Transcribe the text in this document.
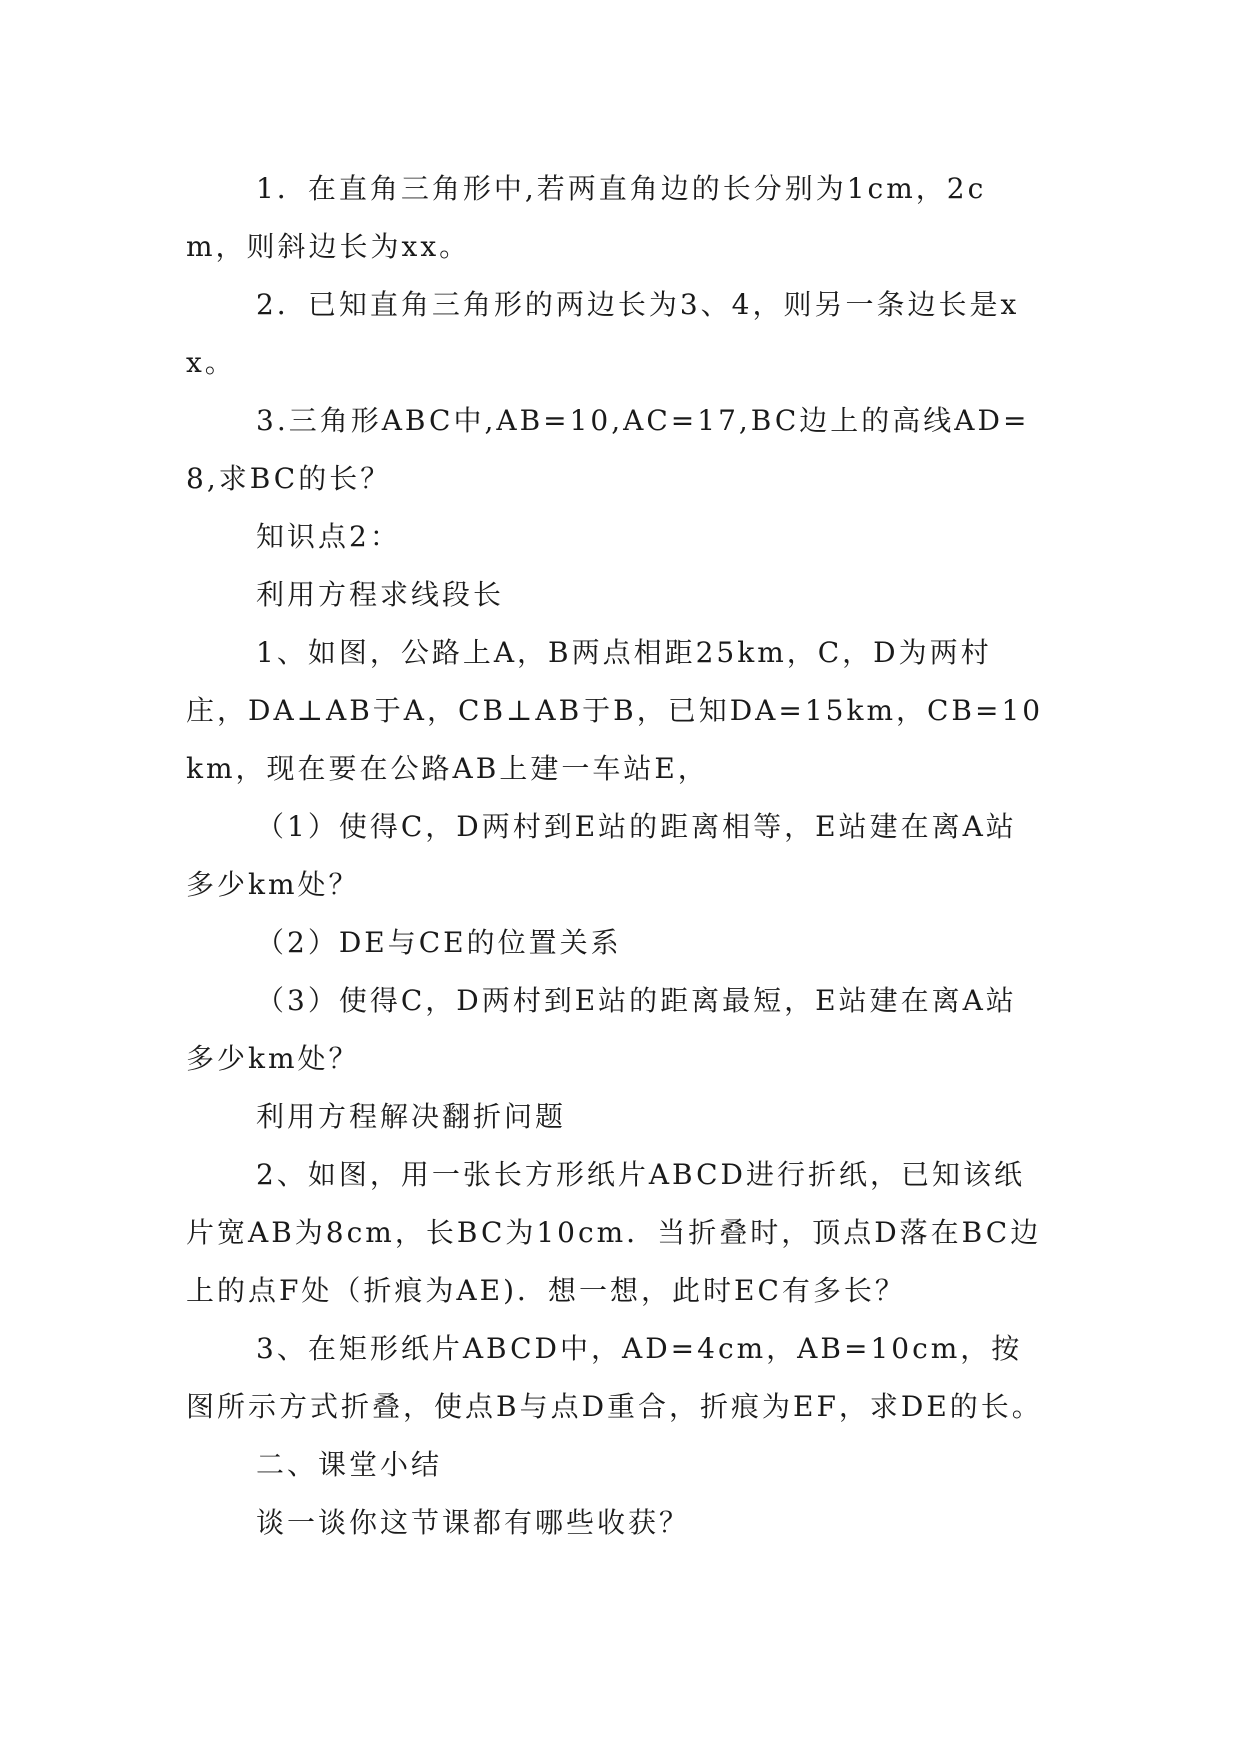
1．在直角三角形中,若两直角边的长分别为1cm，2cm，则斜边长为xx。

2．已知直角三角形的两边长为3、4，则另一条边长是xx。

3.三角形ABC中,AB=10,AC=17,BC边上的高线AD=8,求BC的长？

知识点2：

利用方程求线段长

1、如图，公路上A，B两点相距25km，C，D为两村庄，DA⊥AB于A，CB⊥AB于B，已知DA=15km，CB=10km，现在要在公路AB上建一车站E，

（1）使得C，D两村到E站的距离相等，E站建在离A站多少km处？

（2）DE与CE的位置关系

（3）使得C，D两村到E站的距离最短，E站建在离A站多少km处？

利用方程解决翻折问题

2、如图，用一张长方形纸片ABCD进行折纸，已知该纸片宽AB为8cm，长BC为10cm．当折叠时，顶点D落在BC边上的点F处（折痕为AE)．想一想，此时EC有多长？

3、在矩形纸片ABCD中，AD=4cm，AB=10cm，按图所示方式折叠，使点B与点D重合，折痕为EF，求DE的长。

二、课堂小结

谈一谈你这节课都有哪些收获？
